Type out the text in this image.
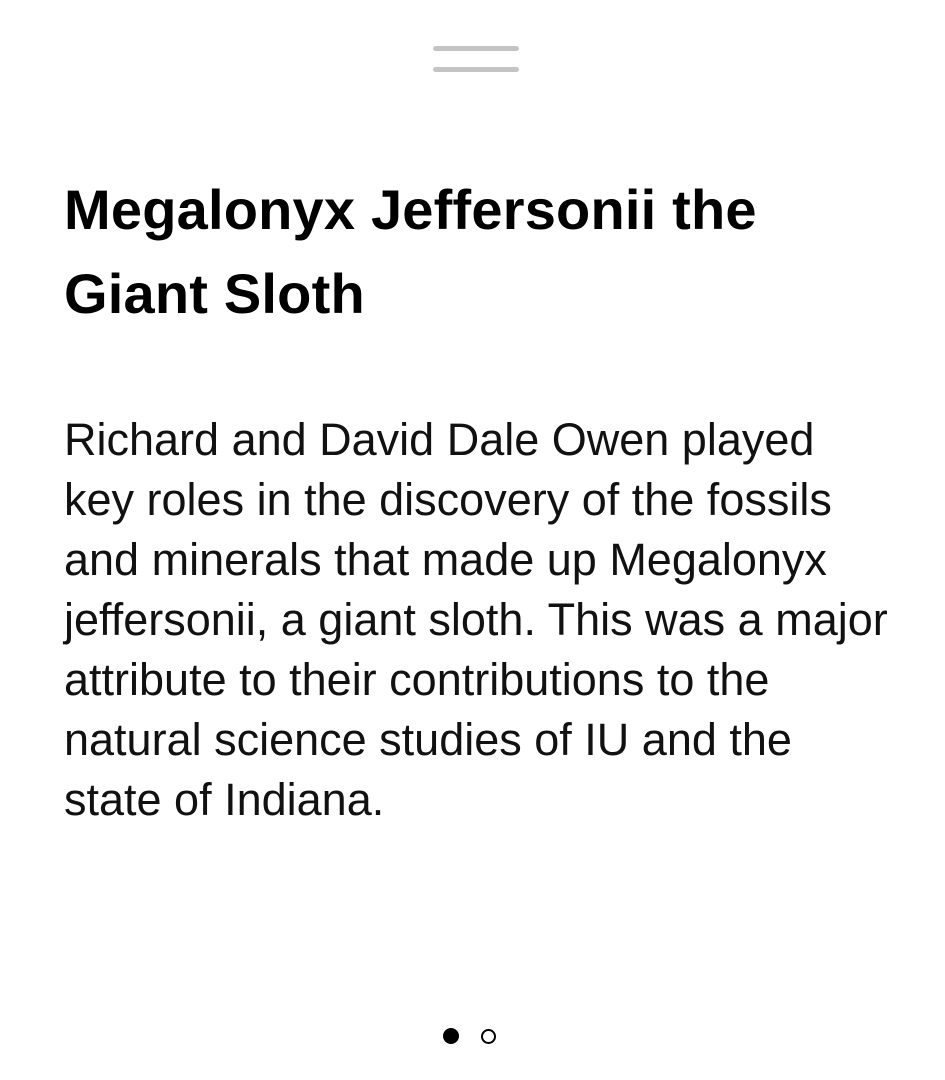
Megalonyx Jeffersonii the Giant Sloth

Richard and David Dale Owen played key roles in the discovery of the fossils and minerals that made up Megalonyx jeffersonii, a giant sloth. This was a major attribute to their contributions to the natural science studies of IU and the state of Indiana.
